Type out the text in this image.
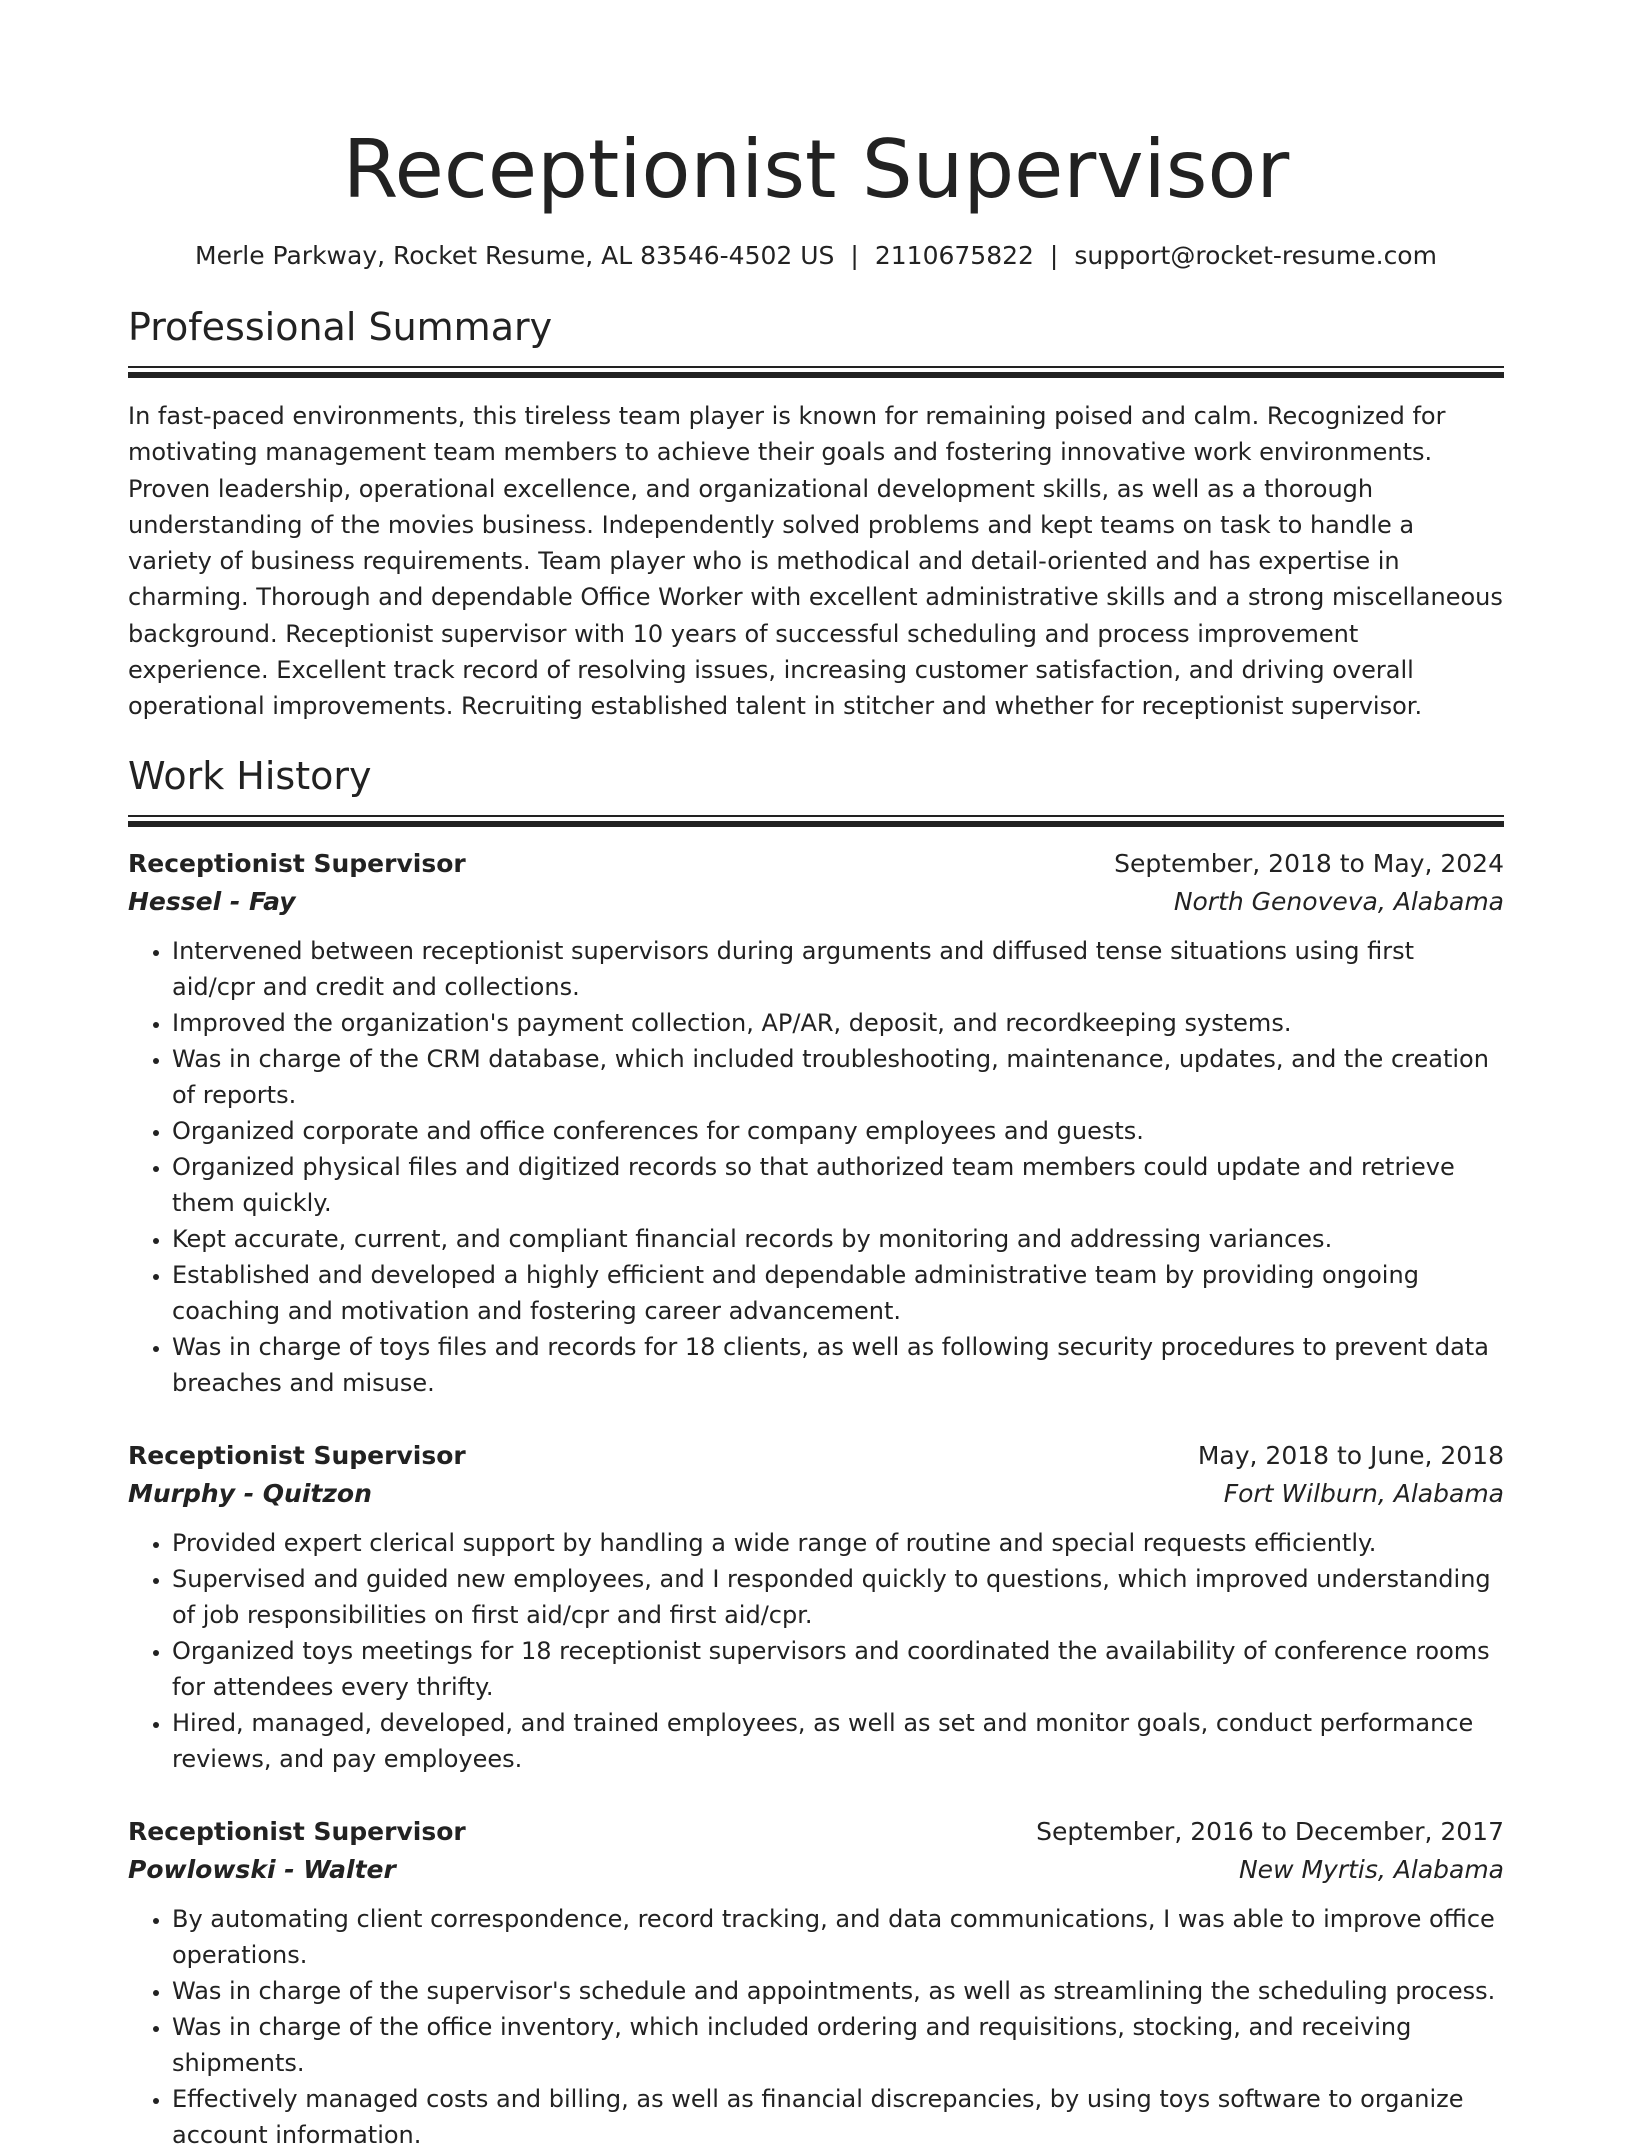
Receptionist Supervisor
Merle Parkway, Rocket Resume, AL 83546-4502 US | 2110675822 | support@rocket-resume.com
Professional Summary

In fast-paced environments, this tireless team player is known for remaining poised and calm. Recognized for motivating management team members to achieve their goals and fostering innovative work environments. Proven leadership, operational excellence, and organizational development skills, as well as a thorough understanding of the movies business. Independently solved problems and kept teams on task to handle a variety of business requirements. Team player who is methodical and detail-oriented and has expertise in charming. Thorough and dependable Office Worker with excellent administrative skills and a strong miscellaneous background. Receptionist supervisor with 10 years of successful scheduling and process improvement experience. Excellent track record of resolving issues, increasing customer satisfaction, and driving overall operational improvements. Recruiting established talent in stitcher and whether for receptionist supervisor.

Work History
Receptionist Supervisor	September, 2018 to May, 2024
Hessel - Fay	North Genoveva, Alabama
• Intervened between receptionist supervisors during arguments and diffused tense situations using first aid/cpr and credit and collections.
• Improved the organization's payment collection, AP/AR, deposit, and recordkeeping systems.
• Was in charge of the CRM database, which included troubleshooting, maintenance, updates, and the creation of reports.
• Organized corporate and office conferences for company employees and guests.
• Organized physical files and digitized records so that authorized team members could update and retrieve them quickly.
• Kept accurate, current, and compliant financial records by monitoring and addressing variances.
• Established and developed a highly efficient and dependable administrative team by providing ongoing coaching and motivation and fostering career advancement.
• Was in charge of toys files and records for 18 clients, as well as following security procedures to prevent data breaches and misuse.
Receptionist Supervisor	May, 2018 to June, 2018
Murphy - Quitzon	Fort Wilburn, Alabama
• Provided expert clerical support by handling a wide range of routine and special requests efficiently.
• Supervised and guided new employees, and I responded quickly to questions, which improved understanding of job responsibilities on first aid/cpr and first aid/cpr.
• Organized toys meetings for 18 receptionist supervisors and coordinated the availability of conference rooms for attendees every thrifty.
• Hired, managed, developed, and trained employees, as well as set and monitor goals, conduct performance reviews, and pay employees.
Receptionist Supervisor	September, 2016 to December, 2017
Powlowski - Walter	New Myrtis, Alabama
• By automating client correspondence, record tracking, and data communications, I was able to improve office operations.
• Was in charge of the supervisor's schedule and appointments, as well as streamlining the scheduling process.
• Was in charge of the office inventory, which included ordering and requisitions, stocking, and receiving shipments.
• Effectively managed costs and billing, as well as financial discrepancies, by using toys software to organize account information.
